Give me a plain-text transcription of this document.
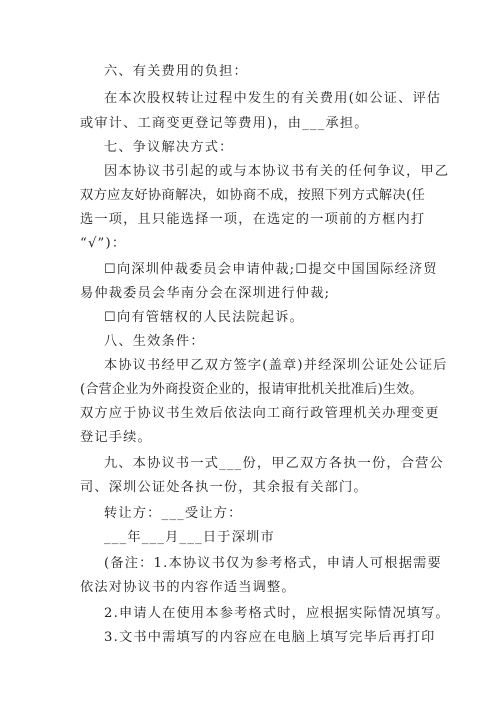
六、有关费用的负担：
在本次股权转让过程中发生的有关费用(如公证、评估
或审计、工商变更登记等费用)，由___承担。
七、争议解决方式：
因本协议书引起的或与本协议书有关的任何争议，甲乙
双方应友好协商解决，如协商不成，按照下列方式解决(任
选一项，且只能选择一项，在选定的一项前的方框内打
“√”)：
☐向深圳仲裁委员会申请仲裁;☐提交中国国际经济贸
易仲裁委员会华南分会在深圳进行仲裁;
☐向有管辖权的人民法院起诉。
八、生效条件：
本协议书经甲乙双方签字(盖章)并经深圳公证处公证后
(合营企业为外商投资企业的，报请审批机关批准后)生效。
双方应于协议书生效后依法向工商行政管理机关办理变更
登记手续。
九、本协议书一式___份，甲乙双方各执一份，合营公
司、深圳公证处各执一份，其余报有关部门。
转让方：___受让方：
___年___月___日于深圳市
(备注：1.本协议书仅为参考格式，申请人可根据需要
依法对协议书的内容作适当调整。
2.申请人在使用本参考格式时，应根据实际情况填写。
3.文书中需填写的内容应在电脑上填写完毕后再打印
